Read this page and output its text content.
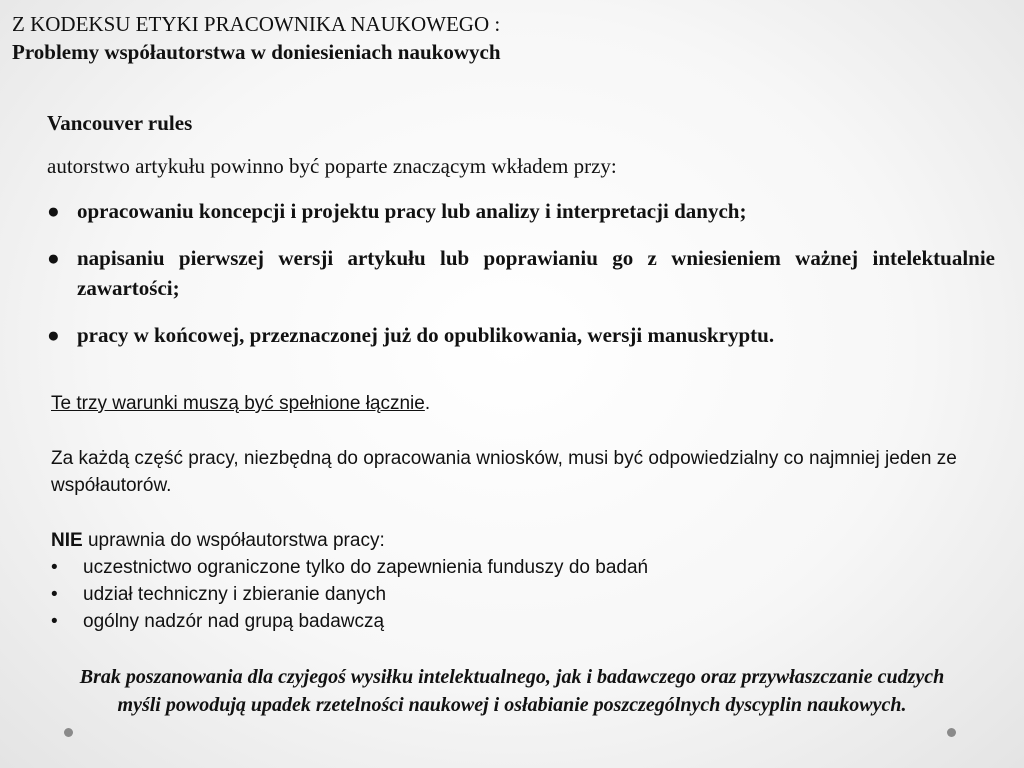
Z KODEKSU ETYKI PRACOWNIKA NAUKOWEGO :
Problemy współautorstwa w doniesieniach naukowych

Vancouver rules

autorstwo artykułu powinno być poparte znaczącym wkładem przy:

● opracowaniu koncepcji i projektu pracy lub analizy i interpretacji danych;
● napisaniu pierwszej wersji artykułu lub poprawianiu go z wniesieniem ważnej intelektualnie zawartości;
● pracy w końcowej, przeznaczonej już do opublikowania, wersji manuskryptu.
Te trzy warunki muszą być spełnione łącznie.
Za każdą część pracy, niezbędną do opracowania wniosków, musi być odpowiedzialny co najmniej jeden ze współautorów.
NIE uprawnia do współautorstwa pracy:
• uczestnictwo ograniczone tylko do zapewnienia funduszy do badań
• udział techniczny i zbieranie danych
• ogólny nadzór nad grupą badawczą
Brak poszanowania dla czyjegoś wysiłku intelektualnego, jak i badawczego oraz przywłaszczanie cudzych myśli powodują upadek rzetelności naukowej i osłabianie poszczególnych dyscyplin naukowych.
